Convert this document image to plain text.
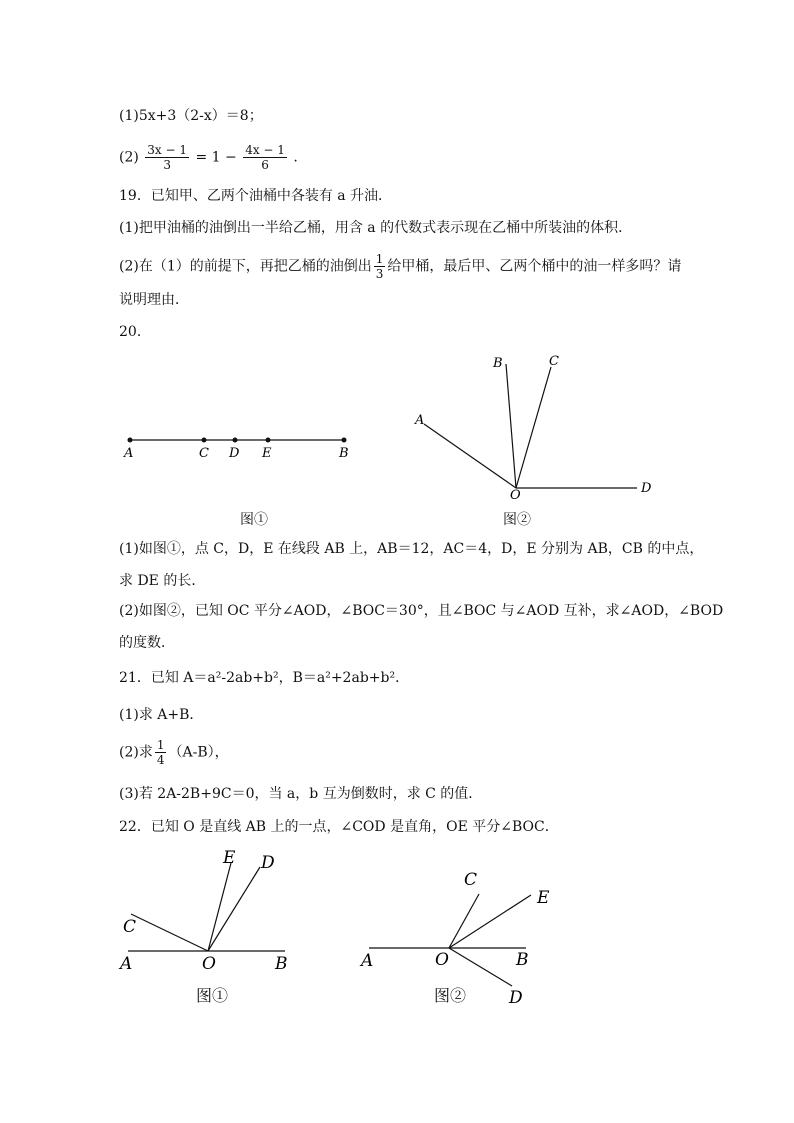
(1)5x+3（2-x）＝8；
$(2) \frac{3x - 1}{3} = 1 - \frac{4x - 1}{6}$ .
19．已知甲、乙两个油桶中各装有 a 升油．
(1)把甲油桶的油倒出一半给乙桶，用含 a 的代数式表示现在乙桶中所装油的体积．
(2)在（1）的前提下，再把乙桶的油倒出 $\frac{1}{3}$ 给甲桶，最后甲、乙两个桶中的油一样多吗？请
说明理由．
20．
A	C D E	B
图①
B	C
A
O	D
图②
(1)如图①，点 C，D，E 在线段 AB 上，AB＝12，AC＝4，D，E 分别为 AB，CB 的中点，
求 DE 的长．
(2)如图②，已知 OC 平分∠AOD，∠BOC＝30°，且∠BOC 与∠AOD 互补，求∠AOD，∠BOD
的度数．
21．已知 A＝a²-2ab+b²，B＝a²+2ab+b²．
(1)求 A+B．
(2)求 $\frac{1}{4} (A-B)$，
(3)若 2A-2B+9C＝0，当 a，b 互为倒数时，求 C 的值．
22．已知 O 是直线 AB 上的一点，∠COD 是直角，OE 平分∠BOC．
E D
C
A	O	B
图①
C
E
A	O	B
D
图②
